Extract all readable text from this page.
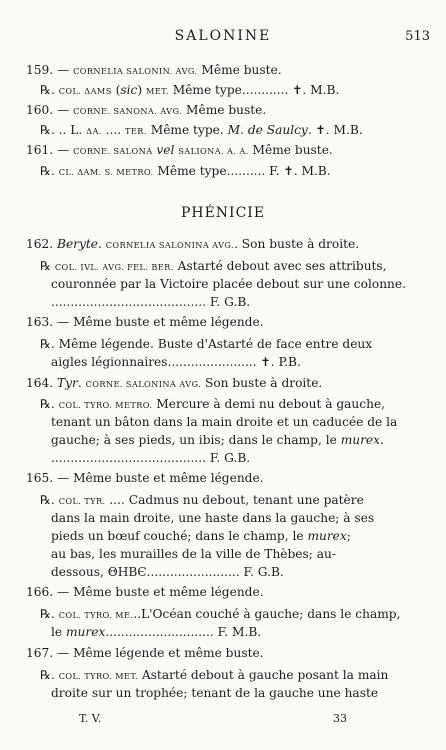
SALONINE	513
PHÉNICIE
159. — CORNELIA SALONIN. AVG. Même buste.
℞. COL. ΔAMS (sic) MET. Même type............ ✝. M.B.
160. — CORNE. SANONA. AVG. Même buste.
℞. .. L. ΔA. .... TER. Même type. M. de Saulcy. ✝. M.B.
161. — CORNE. SALONA vel SALIONA. A. A. Même buste.
℞. CL. ΔAM. S. METRO. Même type.......... F. ✝. M.B.
162. Beryte. CORNELIA SALONINA AVG.. Son buste à droite.
℞ COL. IVL. AVG. FEL. BER. Astarté debout avec ses attributs,
couronnée par la Victoire placée debout sur une colonne.
........................................ F. G.B.
163. — Même buste et même légende.
℞. Même légende. Buste d'Astarté de face entre deux
aigles légionnaires....................... ✝. P.B.
164. Tyr. CORNE. SALONINA AVG. Son buste à droite.
℞. COL. TYRO. METRO. Mercure à demi nu debout à gauche,
tenant un bâton dans la main droite et un caducée de la
gauche; à ses pieds, un ibis; dans le champ, le murex.
........................................ F. G.B.
165. — Même buste et même légende.
℞. COL. TYR. .... Cadmus nu debout, tenant une patère
dans la main droite, une haste dans la gauche; à ses
pieds un bœuf couché; dans le champ, le murex;
au bas, les murailles de la ville de Thèbes; au-
dessous, ΘΗΒЄ........................ F. G.B.
166. — Même buste et même légende.
℞. COL. TYRO. ME...L'Océan couché à gauche; dans le champ,
le murex............................ F. M.B.
167. — Même légende et même buste.
℞. COL. TYRO. MET. Astarté debout à gauche posant la main
droite sur un trophée; tenant de la gauche une haste
T. V.	33
